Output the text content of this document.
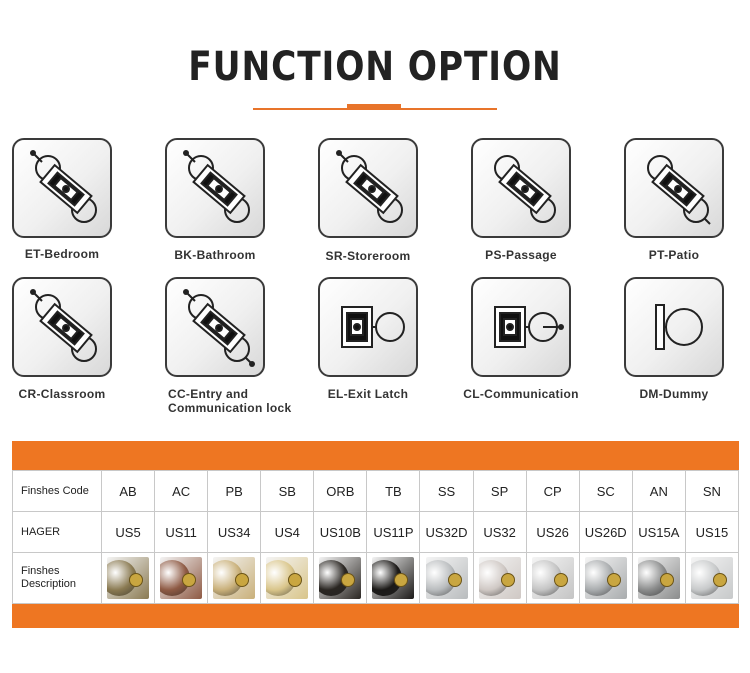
FUNCTION OPTION
ET-Bedroom	BK-Bathroom	SR-Storeroom	PS-Passage	PT-Patio
CR-Classroom	CC-Entry and
Communication lock
EL-Exit Latch	CL-Communication	DM-Dummy
Finshes Code	AB	AC	PB	SB	ORB	TB	SS	SP	CP	SC	AN	SN
HAGER	US5	US11	US34	US4	US10B	US11P	US32D	US32	US26	US26D	US15A	US15
Finshes
Description	
